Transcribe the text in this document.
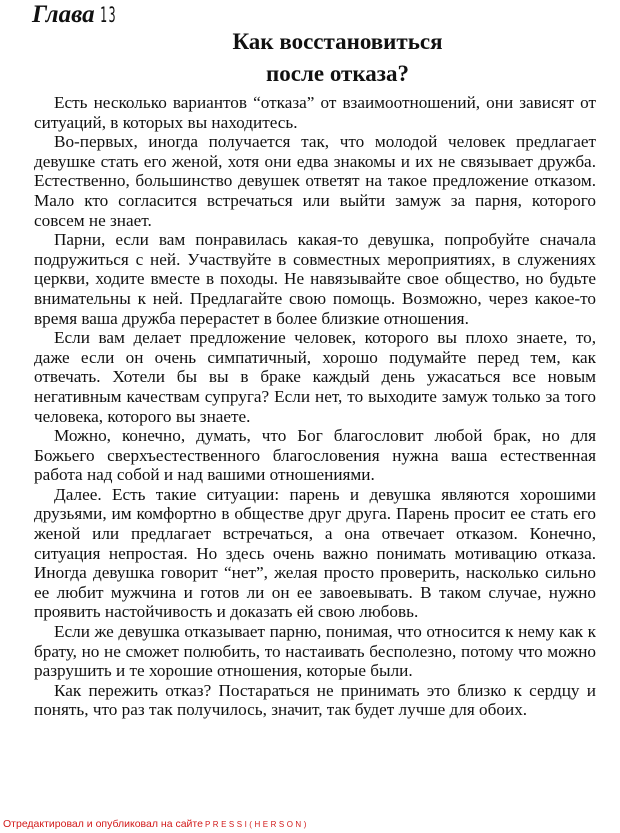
Глава 13
Как восстановиться
после отказа?

Есть несколько вариантов “отказа” от взаимоотношений, они зависят от ситуаций, в которых вы находитесь.

Во-первых, иногда получается так, что молодой человек предлагает девушке стать его женой, хотя они едва знакомы и их не связывает дружба. Естественно, большинство девушек ответят на такое предложение отказом. Мало кто согласится встречаться или выйти замуж за парня, которого совсем не знает.

Парни, если вам понравилась какая-то девушка, попробуйте сначала подружиться с ней. Участвуйте в совместных мероприятиях, в служениях церкви, ходите вместе в походы. Не навязывайте свое общество, но будьте внимательны к ней. Предлагайте свою помощь. Возможно, через какое-то время ваша дружба перерастет в более близкие отношения.

Если вам делает предложение человек, которого вы плохо знаете, то, даже если он очень симпатичный, хорошо подумайте перед тем, как отвечать. Хотели бы вы в браке каждый день ужасаться все новым негативным качествам супруга? Если нет, то выходите замуж только за того человека, которого вы знаете.

Можно, конечно, думать, что Бог благословит любой брак, но для Божьего сверхъестественного благословения нужна ваша естественная работа над собой и над вашими отношениями.

Далее. Есть такие ситуации: парень и девушка являются хорошими друзьями, им комфортно в обществе друг друга. Парень просит ее стать его женой или предлагает встречаться, а она отвечает отказом. Конечно, ситуация непростая. Но здесь очень важно понимать мотивацию отказа. Иногда девушка говорит “нет”, желая просто проверить, насколько сильно ее любит мужчина и готов ли он ее завоевывать. В таком случае, нужно проявить настойчивость и доказать ей свою любовь.

Если же девушка отказывает парню, понимая, что относится к нему как к брату, но не сможет полюбить, то настаивать бесполезно, потому что можно разрушить и те хорошие отношения, которые были.

Как пережить отказ? Постараться не принимать это близко к сердцу и понять, что раз так получилось, значит, так будет лучше для обоих.

Отредактировал и опубликовал на сайте PRESSI(HERSON)
